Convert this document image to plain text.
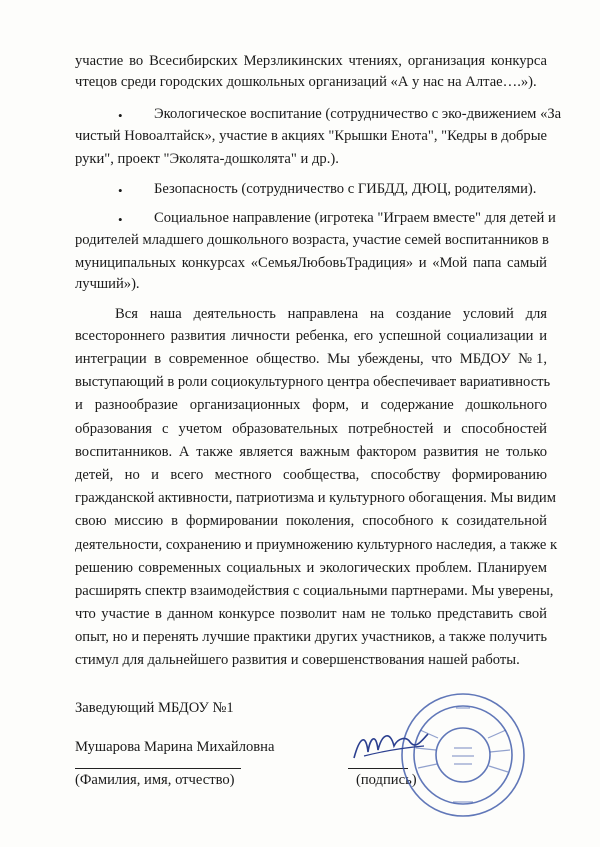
участие во Всесибирских Мерзликинских чтениях, организация конкурса
чтецов среди городских дошкольных организаций «А у нас на Алтае….»).
• Экологическое воспитание (сотрудничество с эко-движением «За
чистый Новоалтайск», участие в акциях "Крышки Енота", "Кедры в добрые
руки", проект "Эколята-дошколята" и др.).
• Безопасность (сотрудничество с ГИБДД, ДЮЦ, родителями).
• Социальное направление (игротека "Играем вместе" для детей и
родителей младшего дошкольного возраста, участие семей воспитанников в
муниципальных конкурсах «СемьяЛюбовьТрадиция» и «Мой папа самый
лучший»).
Вся наша деятельность направлена на создание условий для
всестороннего развития личности ребенка, его успешной социализации и
интеграции в современное общество. Мы убеждены, что МБДОУ №1,
выступающий в роли социокультурного центра обеспечивает вариативность
и разнообразие организационных форм, и содержание дошкольного
образования с учетом образовательных потребностей и способностей
воспитанников. А также является важным фактором развития не только
детей, но и всего местного сообщества, способству формированию
гражданской активности, патриотизма и культурного обогащения. Мы видим
свою миссию в формировании поколения, способного к созидательной
деятельности, сохранению и приумножению культурного наследия, а также к
решению современных социальных и экологических проблем. Планируем
расширять спектр взаимодействия с социальными партнерами. Мы уверены,
что участие в данном конкурсе позволит нам не только представить свой
опыт, но и перенять лучшие практики других участников, а также получить
стимул для дальнейшего развития и совершенствования нашей работы.
Заведующий МБДОУ №1
Мушарова Марина Михайловна
(Фамилия, имя, отчество)	(подпись)
